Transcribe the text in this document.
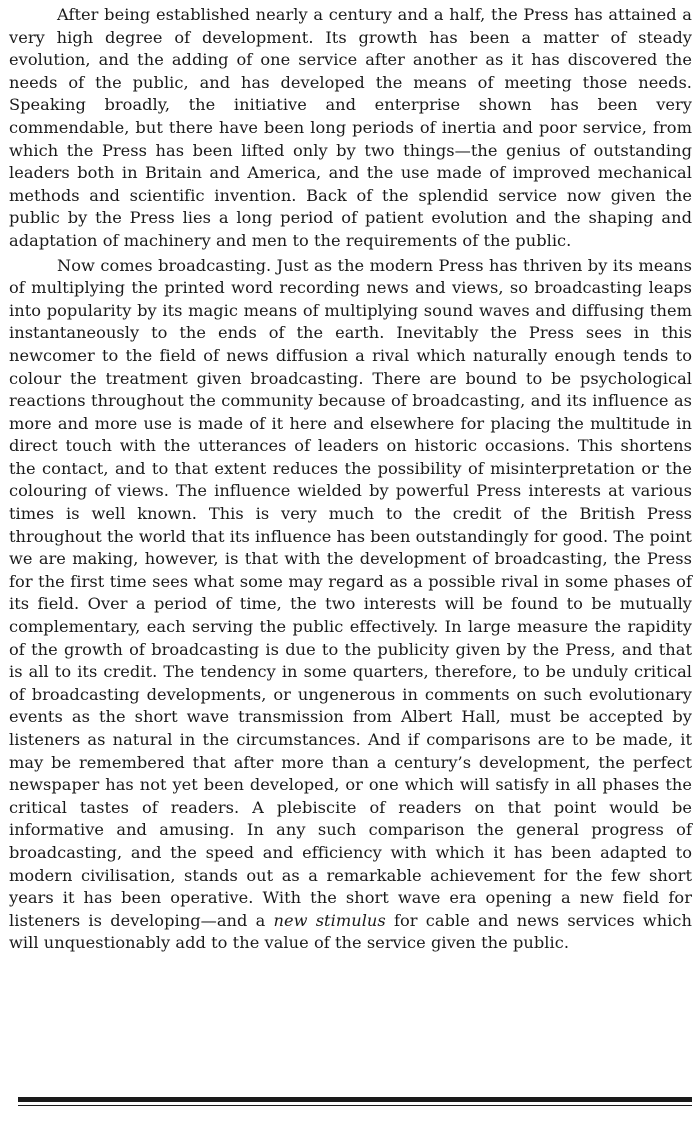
After being established nearly a century and a half, the Press has attained a very high degree of development. Its growth has been a matter of steady evolution, and the adding of one service after another as it has discovered the needs of the public, and has developed the means of meeting those needs. Speaking broadly, the initiative and enterprise shown has been very commendable, but there have been long periods of inertia and poor service, from which the Press has been lifted only by two things—the genius of outstanding leaders both in Britain and America, and the use made of improved mechanical methods and scientific invention. Back of the splendid service now given the public by the Press lies a long period of patient evolution and the shaping and adaptation of machinery and men to the requirements of the public.

Now comes broadcasting. Just as the modern Press has thriven by its means of multiplying the printed word recording news and views, so broadcasting leaps into popularity by its magic means of multiplying sound waves and diffusing them instantaneously to the ends of the earth. Inevitably the Press sees in this newcomer to the field of news diffusion a rival which naturally enough tends to colour the treatment given broadcasting. There are bound to be psychological reactions throughout the community because of broadcasting, and its influence as more and more use is made of it here and elsewhere for placing the multitude in direct touch with the utterances of leaders on historic occasions. This shortens the contact, and to that extent reduces the possibility of misinterpretation or the colouring of views. The influence wielded by powerful Press interests at various times is well known. This is very much to the credit of the British Press throughout the world that its influence has been outstandingly for good. The point we are making, however, is that with the development of broadcasting, the Press for the first time sees what some may regard as a possible rival in some phases of its field. Over a period of time, the two interests will be found to be mutually complementary, each serving the public effectively. In large measure the rapidity of the growth of broadcasting is due to the publicity given by the Press, and that is all to its credit. The tendency in some quarters, therefore, to be unduly critical of broadcasting developments, or ungenerous in comments on such evolutionary events as the short wave transmission from Albert Hall, must be accepted by listeners as natural in the circumstances. And if comparisons are to be made, it may be remembered that after more than a century’s development, the perfect newspaper has not yet been developed, or one which will satisfy in all phases the critical tastes of readers. A plebiscite of readers on that point would be informative and amusing. In any such comparison the general progress of broadcasting, and the speed and efficiency with which it has been adapted to modern civilisation, stands out as a remarkable achievement for the few short years it has been operative. With the short wave era opening a new field for listeners is developing—and a new stimulus for cable and news services which will unquestionably add to the value of the service given the public.
